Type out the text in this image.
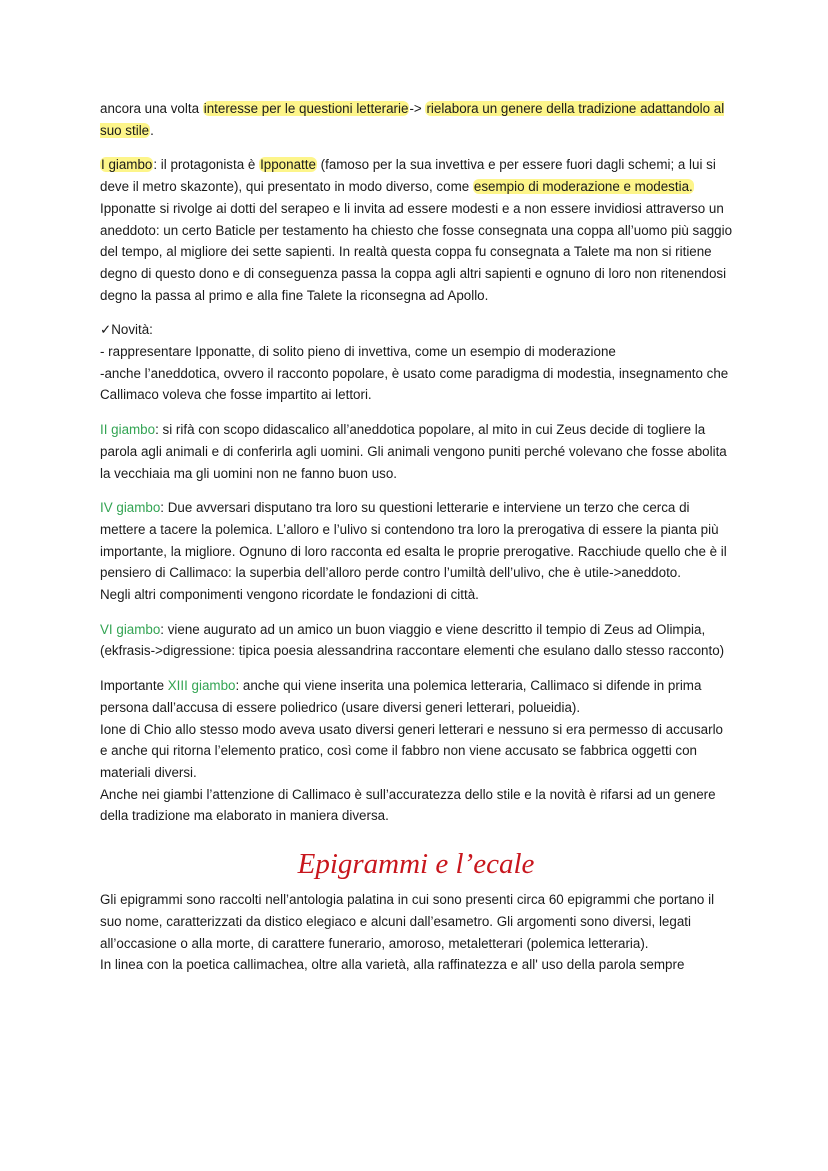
ancora una volta interesse per le questioni letterarie-> rielabora un genere della tradizione adattandolo al suo stile.

I giambo: il protagonista è Ipponatte (famoso per la sua invettiva e per essere fuori dagli schemi; a lui si deve il metro skazonte), qui presentato in modo diverso, come esempio di moderazione e modestia. Ipponatte si rivolge ai dotti del serapeo e li invita ad essere modesti e a non essere invidiosi attraverso un aneddoto: un certo Baticle per testamento ha chiesto che fosse consegnata una coppa all’uomo più saggio del tempo, al migliore dei sette sapienti. In realtà questa coppa fu consegnata a Talete ma non si ritiene degno di questo dono e di conseguenza passa la coppa agli altri sapienti e ognuno di loro non ritenendosi degno la passa al primo e alla fine Talete la riconsegna ad Apollo.

✓Novità:
- rappresentare Ipponatte, di solito pieno di invettiva, come un esempio di moderazione
-anche l’aneddotica, ovvero il racconto popolare, è usato come paradigma di modestia, insegnamento che Callimaco voleva che fosse impartito ai lettori.

II giambo: si rifà con scopo didascalico all’aneddotica popolare, al mito in cui Zeus decide di togliere la parola agli animali e di conferirla agli uomini. Gli animali vengono puniti perché volevano che fosse abolita la vecchiaia ma gli uomini non ne fanno buon uso.

IV giambo: Due avversari disputano tra loro su questioni letterarie e interviene un terzo che cerca di mettere a tacere la polemica. L’alloro e l’ulivo si contendono tra loro la prerogativa di essere la pianta più importante, la migliore. Ognuno di loro racconta ed esalta le proprie prerogative. Racchiude quello che è il pensiero di Callimaco: la superbia dell’alloro perde contro l’umiltà dell’ulivo, che è utile->aneddoto.
Negli altri componimenti vengono ricordate le fondazioni di città.

VI giambo: viene augurato ad un amico un buon viaggio e viene descritto il tempio di Zeus ad Olimpia, (ekfrasis->digressione: tipica poesia alessandrina raccontare elementi che esulano dallo stesso racconto)

Importante XIII giambo: anche qui viene inserita una polemica letteraria, Callimaco si difende in prima persona dall’accusa di essere poliedrico (usare diversi generi letterari, polueidia).
Ione di Chio allo stesso modo aveva usato diversi generi letterari e nessuno si era permesso di accusarlo e anche qui ritorna l’elemento pratico, così come il fabbro non viene accusato se fabbrica oggetti con materiali diversi.
Anche nei giambi l’attenzione di Callimaco è sull’accuratezza dello stile e la novità è rifarsi ad un genere della tradizione ma elaborato in maniera diversa.

Epigrammi e l’ecale

Gli epigrammi sono raccolti nell’antologia palatina in cui sono presenti circa 60 epigrammi che portano il suo nome, caratterizzati da distico elegiaco e alcuni dall’esametro. Gli argomenti sono diversi, legati all’occasione o alla morte, di carattere funerario, amoroso, metaletterari (polemica letteraria).
In linea con la poetica callimachea, oltre alla varietà, alla raffinatezza e all' uso della parola sempre
